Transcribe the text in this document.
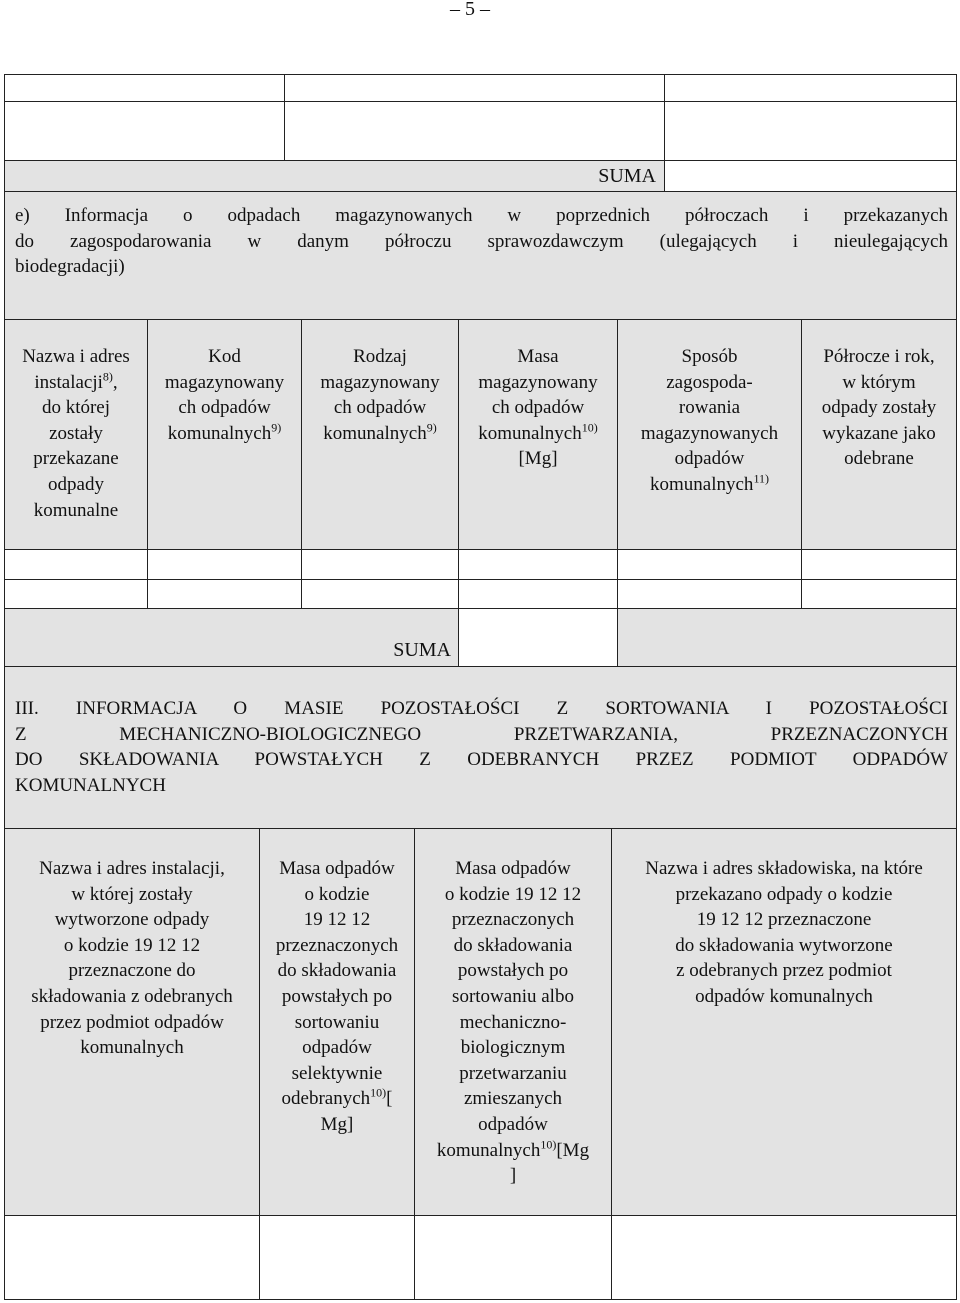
– 5 –
SUMA
e) Informacja o odpadach magazynowanych w poprzednich półroczach i przekazanych
do zagospodarowania w danym półroczu sprawozdawczym (ulegających i nieulegających
biodegradacji)
Nazwa i adres
instalacji$^{8)}$,
do której
zostały
przekazane
odpady
komunalne
Kod
magazynowany
ch odpadów
komunalnych$^{9)}$
Rodzaj
magazynowany
ch odpadów
komunalnych$^{9)}$
Masa
magazynowany
ch odpadów
komunalnych$^{10)}$
[Mg]
Sposób
zagospoda-
rowania
magazynowanych
odpadów
komunalnych$^{11)}$
Półrocze i rok,
w którym
odpady zostały
wykazane jako
odebrane
SUMA
III. INFORMACJA O MASIE POZOSTAŁOŚCI Z SORTOWANIA I POZOSTAŁOŚCI
Z MECHANICZNO-BIOLOGICZNEGO PRZETWARZANIA, PRZEZNACZONYCH
DO SKŁADOWANIA POWSTAŁYCH Z ODEBRANYCH PRZEZ PODMIOT ODPADÓW
KOMUNALNYCH
Nazwa i adres instalacji,
w której zostały
wytworzone odpady
o kodzie 19 12 12
przeznaczone do
składowania z odebranych
przez podmiot odpadów
komunalnych
Masa odpadów
o kodzie
19 12 12
przeznaczonych
do składowania
powstałych po
sortowaniu
odpadów
selektywnie
odebranych$^{10)}$[
Mg]
Masa odpadów
o kodzie 19 12 12
przeznaczonych
do składowania
powstałych po
sortowaniu albo
mechaniczno-
biologicznym
przetwarzaniu
zmieszanych
odpadów
komunalnych$^{10)}$[Mg
]
Nazwa i adres składowiska, na które
przekazano odpady o kodzie
19 12 12 przeznaczone
do składowania wytworzone
z odebranych przez podmiot
odpadów komunalnych
